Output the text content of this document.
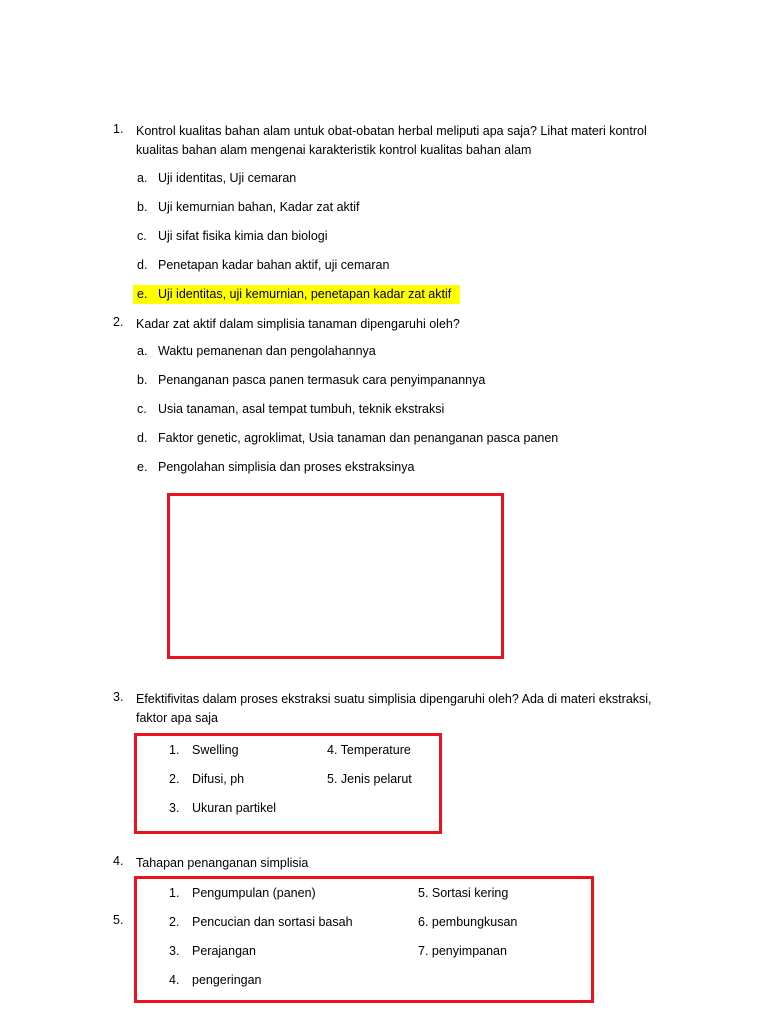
1. Kontrol kualitas bahan alam untuk obat-obatan herbal meliputi apa saja? Lihat materi kontrol kualitas bahan alam mengenai karakteristik kontrol kualitas bahan alam
a. Uji identitas, Uji cemaran
b. Uji kemurnian bahan, Kadar zat aktif
c. Uji sifat fisika kimia dan biologi
d. Penetapan kadar bahan aktif, uji cemaran
e. Uji identitas, uji kemurnian, penetapan kadar zat aktif
2. Kadar zat aktif dalam simplisia tanaman dipengaruhi oleh?
a. Waktu pemanenan dan pengolahannya
b. Penanganan pasca panen termasuk cara penyimpanannya
c. Usia tanaman, asal tempat tumbuh, teknik ekstraksi
d. Faktor genetic, agroklimat, Usia tanaman dan penanganan pasca panen
e. Pengolahan simplisia dan proses ekstraksinya
3. Efektifivitas dalam proses ekstraksi suatu simplisia dipengaruhi oleh? Ada di materi ekstraksi, faktor apa saja
1. Swelling
2. Difusi, ph
3. Ukuran partikel
4. Temperature
5. Jenis pelarut
4. Tahapan penanganan simplisia
5.
1. Pengumpulan (panen)
2. Pencucian dan sortasi basah
3. Perajangan
4. pengeringan
5. Sortasi kering
6. pembungkusan
7. penyimpanan
